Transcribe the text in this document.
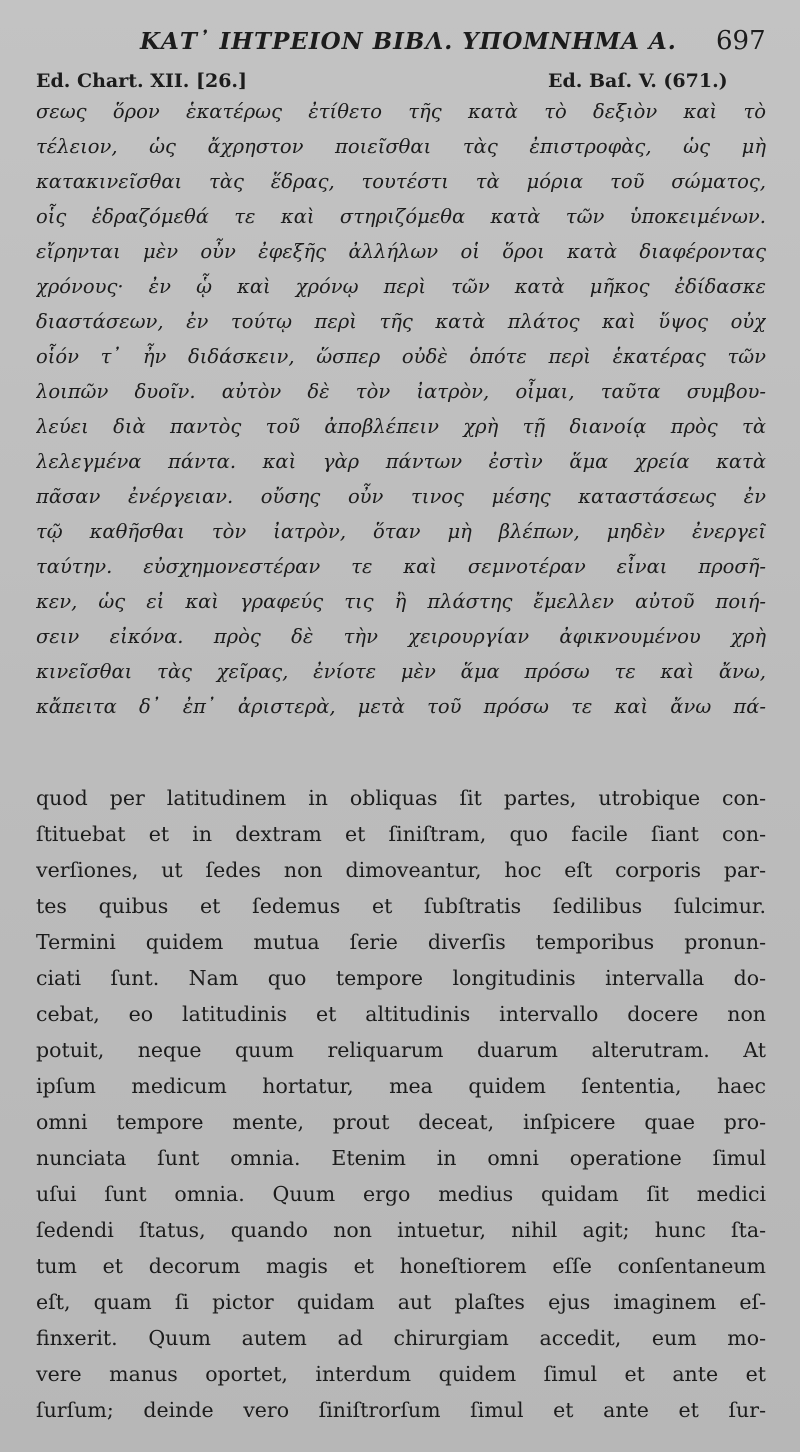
ΚΑΤ᾽ ΙΗΤΡΕΙΟΝ ΒΙΒΛ. ΥΠΟΜΝΗΜΑ Α. 697
Ed. Chart. XII. [26.]	Ed. Baſ. V. (671.)
σεως ὅρον ἑκατέρως ἐτίθετο τῆς κατὰ τὸ δεξιὸν καὶ τὸ
τέλειον, ὡς ἄχρηστον ποιεῖσθαι τὰς ἐπιστροφὰς, ὡς μὴ
κατακινεῖσθαι τὰς ἕδρας, τουτέστι τὰ μόρια τοῦ σώματος,
οἷς ἑδραζόμεθά τε καὶ στηριζόμεθα κατὰ τῶν ὑποκειμένων.
εἴρηνται μὲν οὖν ἐφεξῆς ἀλλήλων οἱ ὅροι κατὰ διαφέροντας
χρόνους· ἐν ᾧ καὶ χρόνῳ περὶ τῶν κατὰ μῆκος ἐδίδασκε
διαστάσεων, ἐν τούτῳ περὶ τῆς κατὰ πλάτος καὶ ὕψος οὐχ
οἷόν τ᾽ ἦν διδάσκειν, ὥσπερ οὐδὲ ὁπότε περὶ ἑκατέρας τῶν
λοιπῶν δυοῖν. αὐτὸν δὲ τὸν ἰατρὸν, οἶμαι, ταῦτα συμβου-
λεύει διὰ παντὸς τοῦ ἀποβλέπειν χρὴ τῇ διανοίᾳ πρὸς τὰ
λελεγμένα πάντα. καὶ γὰρ πάντων ἐστὶν ἅμα χρεία κατὰ
πᾶσαν ἐνέργειαν. οὔσης οὖν τινος μέσης καταστάσεως ἐν
τῷ καθῆσθαι τὸν ἰατρὸν, ὅταν μὴ βλέπων, μηδὲν ἐνεργεῖ
ταύτην. εὐσχημονεστέραν τε καὶ σεμνοτέραν εἶναι προσῆ-
κεν, ὡς εἰ καὶ γραφεύς τις ἢ πλάστης ἔμελλεν αὐτοῦ ποιή-
σειν εἰκόνα. πρὸς δὲ τὴν χειρουργίαν ἀφικνουμένου χρὴ
κινεῖσθαι τὰς χεῖρας, ἐνίοτε μὲν ἅμα πρόσω τε καὶ ἄνω,
κἄπειτα δ᾽ ἐπ᾽ ἀριστερὰ, μετὰ τοῦ πρόσω τε καὶ ἄνω πά-
quod per latitudinem in obliquas ſit partes, utrobique con-
ſtituebat et in dextram et ſiniſtram, quo facile ſiant con-
verſiones, ut ſedes non dimoveantur, hoc eſt corporis par-
tes quibus et ſedemus et ſubſtratis ſedilibus ſulcimur.
Termini quidem mutua ſerie diverſis temporibus pronun-
ciati ſunt. Nam quo tempore longitudinis intervalla do-
cebat, eo latitudinis et altitudinis intervallo docere non
potuit, neque quum reliquarum duarum alterutram. At
ipſum medicum hortatur, mea quidem ſententia, haec
omni tempore mente, prout deceat, inſpicere quae pro-
nunciata ſunt omnia. Etenim in omni operatione ſimul
uſui ſunt omnia. Quum ergo medius quidam ſit medici
ſedendi ſtatus, quando non intuetur, nihil agit; hunc ſta-
tum et decorum magis et honeſtiorem eſſe conſentaneum
eſt, quam ſi pictor quidam aut plaſtes ejus imaginem eſ-
finxerit. Quum autem ad chirurgiam accedit, eum mo-
vere manus oportet, interdum quidem ſimul et ante et
ſurſum; deinde vero ſiniſtrorſum ſimul et ante et ſur-
